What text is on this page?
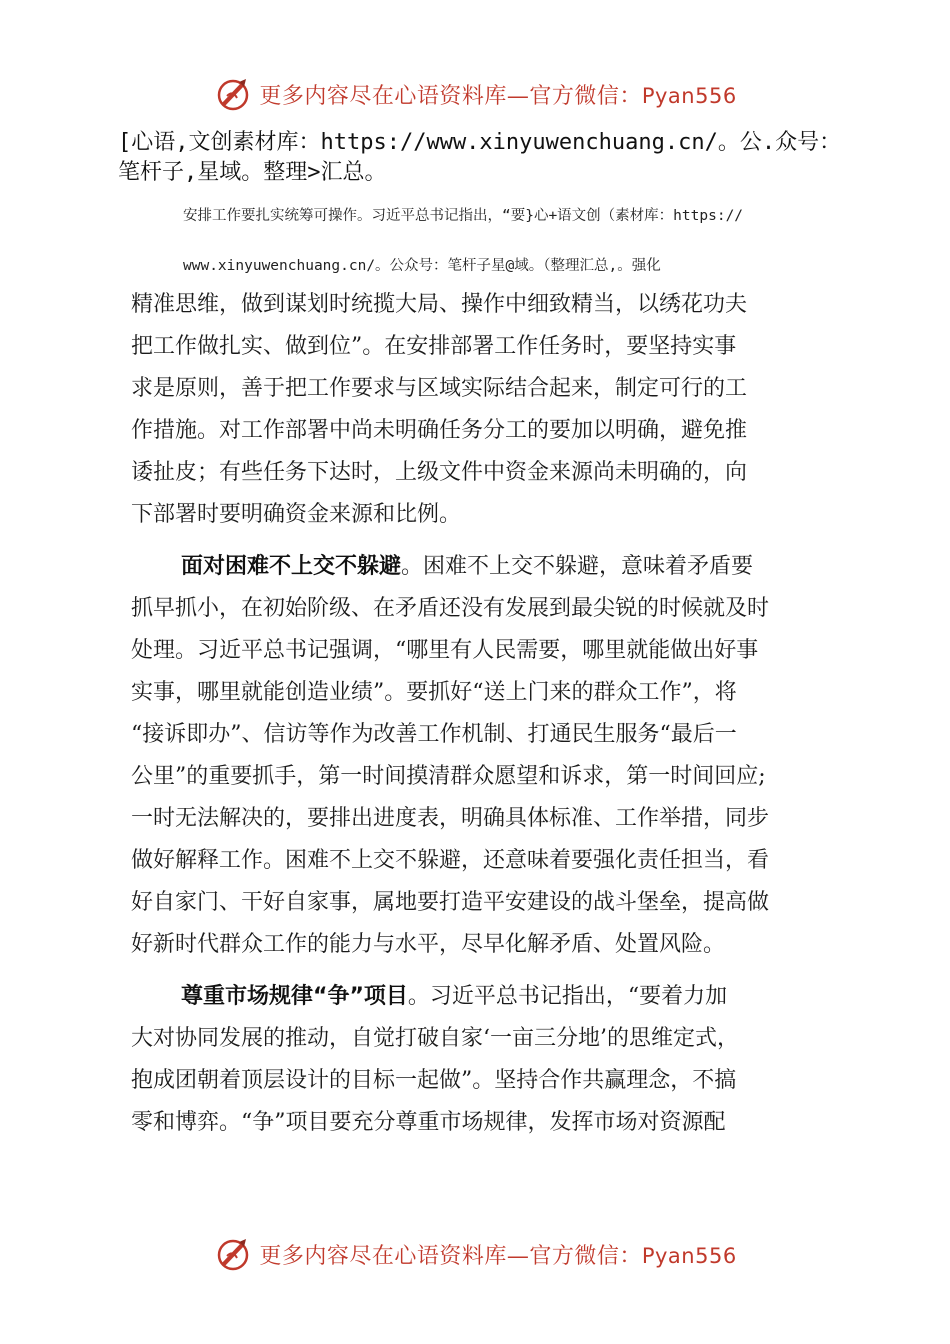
更多内容尽在心语资料库—官方微信：Pyan556
[心语,文创素材库：https://www.xinyuwenchuang.cn/。公.众号：
笔杆子,星域。整理>汇总。
安排工作要扎实统筹可操作。习近平总书记指出，“要}心+语文创（素材库：https://
www.xinyuwenchuang.cn/。公众号：笔杆子星@域。（整理汇总,。强化
精准思维，做到谋划时统揽大局、操作中细致精当，以绣花功夫
把工作做扎实、做到位”。在安排部署工作任务时，要坚持实事
求是原则，善于把工作要求与区域实际结合起来，制定可行的工
作措施。对工作部署中尚未明确任务分工的要加以明确，避免推
诿扯皮；有些任务下达时，上级文件中资金来源尚未明确的，向
下部署时要明确资金来源和比例。
面对困难不上交不躲避。困难不上交不躲避，意味着矛盾要
抓早抓小，在初始阶级、在矛盾还没有发展到最尖锐的时候就及时
处理。习近平总书记强调，“哪里有人民需要，哪里就能做出好事
实事，哪里就能创造业绩”。要抓好“送上门来的群众工作”，将
“接诉即办”、信访等作为改善工作机制、打通民生服务“最后一
公里”的重要抓手，第一时间摸清群众愿望和诉求，第一时间回应;
一时无法解决的，要排出进度表，明确具体标准、工作举措，同步
做好解释工作。困难不上交不躲避，还意味着要强化责任担当，看
好自家门、干好自家事，属地要打造平安建设的战斗堡垒，提高做
好新时代群众工作的能力与水平，尽早化解矛盾、处置风险。
尊重市场规律“争”项目。习近平总书记指出，“要着力加
大对协同发展的推动，自觉打破自家‘一亩三分地’的思维定式，
抱成团朝着顶层设计的目标一起做”。坚持合作共赢理念，不搞
零和博弈。“争”项目要充分尊重市场规律，发挥市场对资源配
更多内容尽在心语资料库—官方微信：Pyan556
